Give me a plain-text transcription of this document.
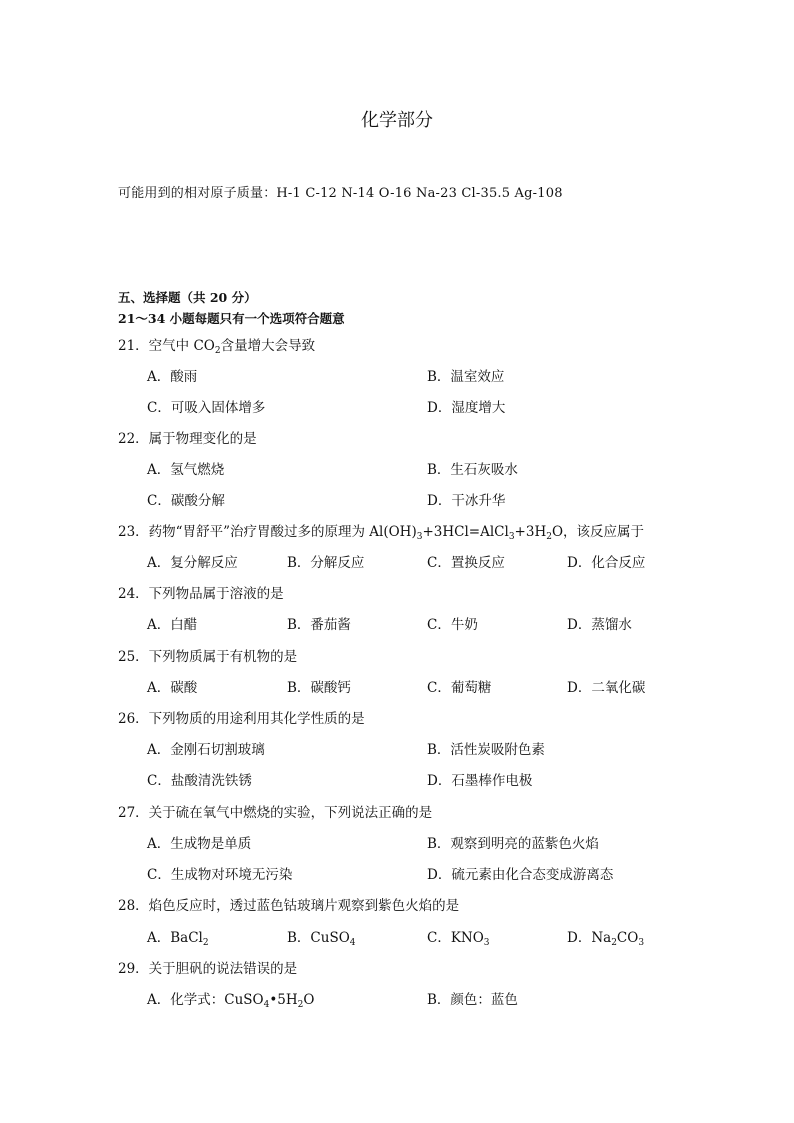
化学部分
可能用到的相对原子质量：H-1 C-12 N-14 O-16 Na-23 Cl-35.5 Ag-108
五、选择题（共 20 分）
21～34 小题每题只有一个选项符合题意
21．空气中 $CO_2$含量增大会导致
A．酸雨	B．温室效应
C．可吸入固体增多	D．湿度增大
22．属于物理变化的是
A．氢气燃烧	B．生石灰吸水
C．碳酸分解	D．干冰升华
23．药物“胃舒平”治疗胃酸过多的原理为 $Al(OH)_3+3HCl=AlCl_3+3H_2O$，该反应属于
A．复分解反应	B．分解反应	C．置换反应	D．化合反应
24．下列物品属于溶液的是
A．白醋	B．番茄酱	C．牛奶	D．蒸馏水
25．下列物质属于有机物的是
A．碳酸	B．碳酸钙	C．葡萄糖	D．二氧化碳
26．下列物质的用途利用其化学性质的是
A．金刚石切割玻璃	B．活性炭吸附色素
C．盐酸清洗铁锈	D．石墨棒作电极
27．关于硫在氧气中燃烧的实验，下列说法正确的是
A．生成物是单质	B．观察到明亮的蓝紫色火焰
C．生成物对环境无污染	D．硫元素由化合态变成游离态
28．焰色反应时，透过蓝色钴玻璃片观察到紫色火焰的是
A．BaCl$_2$	B．CuSO$_4$	C．$KNO_3$	D．$Na_2CO_3$
29．关于胆矾的说法错误的是
A．化学式：$CuSO_4•5H_2O$	B．颜色：蓝色
